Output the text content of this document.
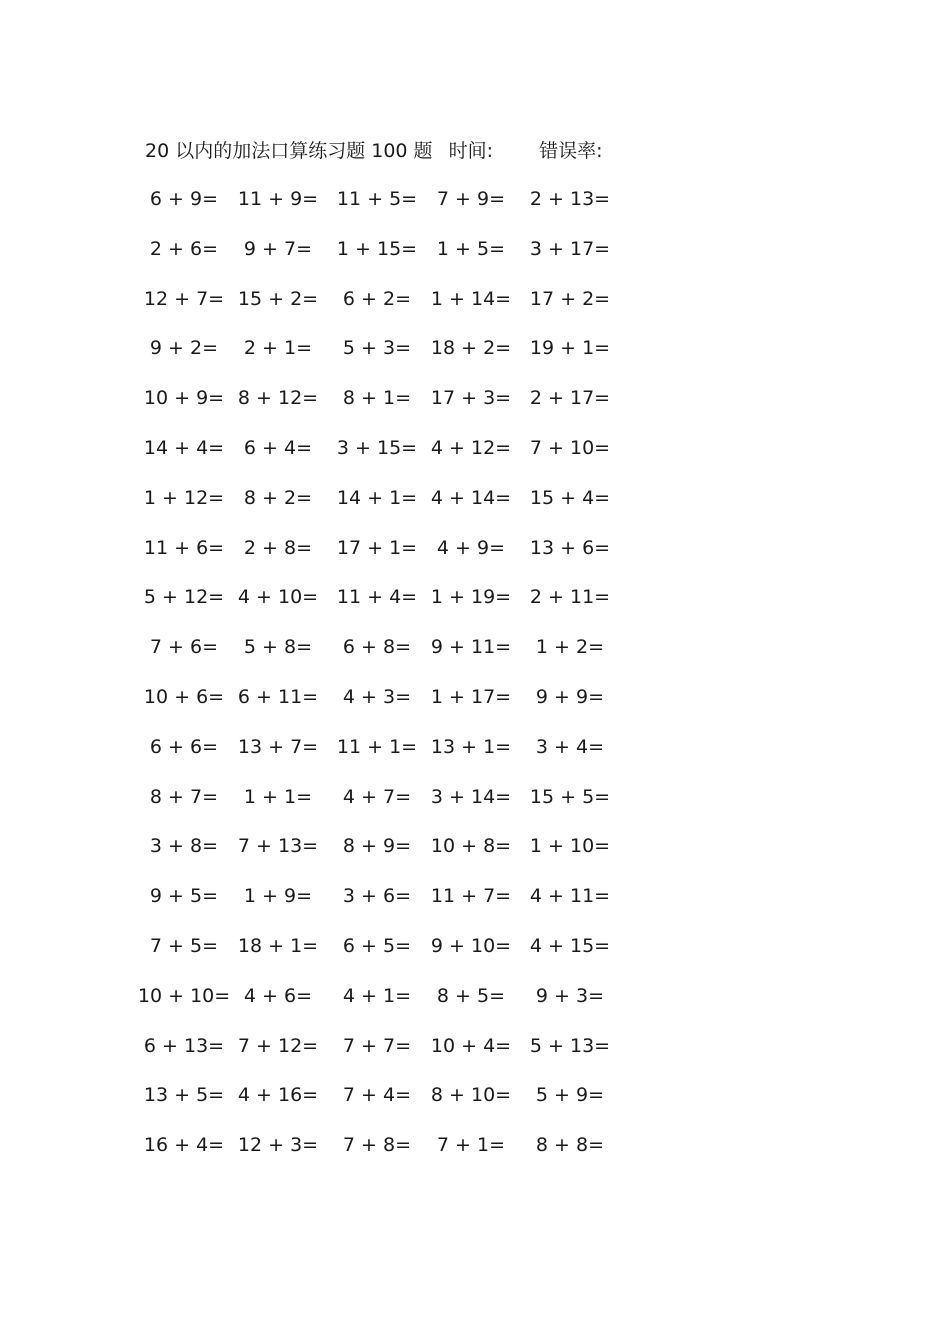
20 以内的加法口算练习题 100 题 时间: 错误率:
6 + 9= 11 + 9= 11 + 5= 7 + 9= 2 + 13=
2 + 6= 9 + 7= 1 + 15= 1 + 5= 3 + 17=
12 + 7= 15 + 2= 6 + 2= 1 + 14= 17 + 2=
9 + 2= 2 + 1= 5 + 3= 18 + 2= 19 + 1=
10 + 9= 8 + 12= 8 + 1= 17 + 3= 2 + 17=
14 + 4= 6 + 4= 3 + 15= 4 + 12= 7 + 10=
1 + 12= 8 + 2= 14 + 1= 4 + 14= 15 + 4=
11 + 6= 2 + 8= 17 + 1= 4 + 9= 13 + 6=
5 + 12= 4 + 10= 11 + 4= 1 + 19= 2 + 11=
7 + 6= 5 + 8= 6 + 8= 9 + 11= 1 + 2=
10 + 6= 6 + 11= 4 + 3= 1 + 17= 9 + 9=
6 + 6= 13 + 7= 11 + 1= 13 + 1= 3 + 4=
8 + 7= 1 + 1= 4 + 7= 3 + 14= 15 + 5=
3 + 8= 7 + 13= 8 + 9= 10 + 8= 1 + 10=
9 + 5= 1 + 9= 3 + 6= 11 + 7= 4 + 11=
7 + 5= 18 + 1= 6 + 5= 9 + 10= 4 + 15=
10 + 10= 4 + 6= 4 + 1= 8 + 5= 9 + 3=
6 + 13= 7 + 12= 7 + 7= 10 + 4= 5 + 13=
13 + 5= 4 + 16= 7 + 4= 8 + 10= 5 + 9=
16 + 4= 12 + 3= 7 + 8= 7 + 1= 8 + 8=
